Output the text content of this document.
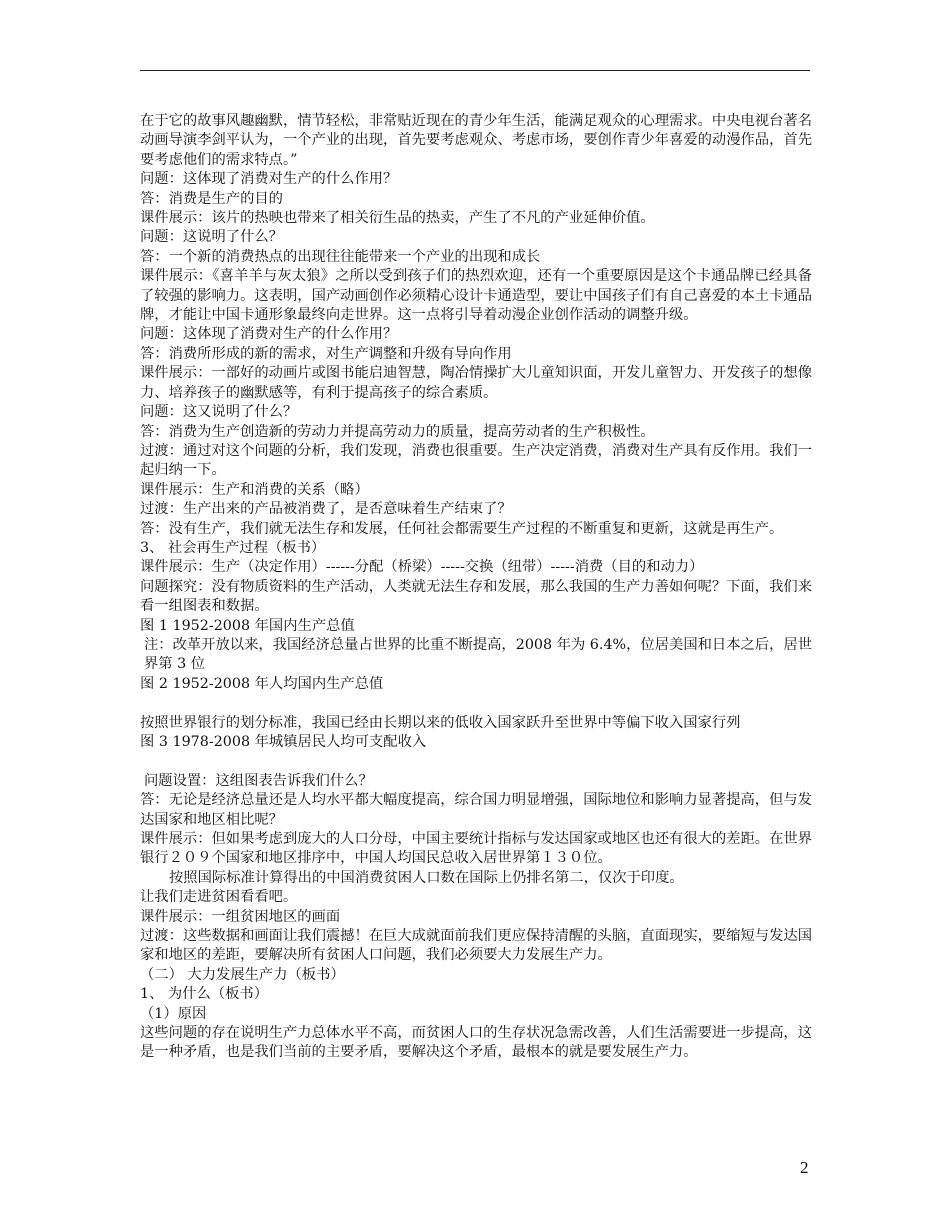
在于它的故事风趣幽默，情节轻松，非常贴近现在的青少年生活，能满足观众的心理需求。中央电视台著名动画导演李剑平认为，一个产业的出现，首先要考虑观众、考虑市场，要创作青少年喜爱的动漫作品，首先要考虑他们的需求特点。”

问题：这体现了消费对生产的什么作用？

答：消费是生产的目的

课件展示：该片的热映也带来了相关衍生品的热卖，产生了不凡的产业延伸价值。

问题：这说明了什么？

答：一个新的消费热点的出现往往能带来一个产业的出现和成长

课件展示：《喜羊羊与灰太狼》之所以受到孩子们的热烈欢迎，还有一个重要原因是这个卡通品牌已经具备了较强的影响力。这表明，国产动画创作必须精心设计卡通造型，要让中国孩子们有自己喜爱的本土卡通品牌，才能让中国卡通形象最终向走世界。这一点将引导着动漫企业创作活动的调整升级。

问题：这体现了消费对生产的什么作用？

答：消费所形成的新的需求，对生产调整和升级有导向作用

课件展示：一部好的动画片或图书能启迪智慧，陶冶情操扩大儿童知识面，开发儿童智力、开发孩子的想像力、培养孩子的幽默感等，有利于提高孩子的综合素质。

问题：这又说明了什么？

答：消费为生产创造新的劳动力并提高劳动力的质量，提高劳动者的生产积极性。

过渡：通过对这个问题的分析，我们发现，消费也很重要。生产决定消费，消费对生产具有反作用。我们一起归纳一下。

课件展示：生产和消费的关系（略）

过渡：生产出来的产品被消费了，是否意味着生产结束了？

答：没有生产，我们就无法生存和发展，任何社会都需要生产过程的不断重复和更新，这就是再生产。

3、 社会再生产过程（板书）

课件展示：生产（决定作用）------分配（桥梁）-----交换（纽带）-----消费（目的和动力）

问题探究：没有物质资料的生产活动，人类就无法生存和发展，那么我国的生产力善如何呢？下面，我们来看一组图表和数据。

图 1 1952-2008 年国内生产总值

注：改革开放以来，我国经济总量占世界的比重不断提高，2008 年为 6.4%，位居美国和日本之后，居世界第 3 位

图 2 1952-2008 年人均国内生产总值

按照世界银行的划分标准，我国已经由长期以来的低收入国家跃升至世界中等偏下收入国家行列

图 3 1978-2008 年城镇居民人均可支配收入

问题设置：这组图表告诉我们什么？

答：无论是经济总量还是人均水平都大幅度提高，综合国力明显增强，国际地位和影响力显著提高，但与发达国家和地区相比呢？

课件展示：但如果考虑到庞大的人口分母，中国主要统计指标与发达国家或地区也还有很大的差距。在世界银行２０９个国家和地区排序中，中国人均国民总收入居世界第１３０位。

按照国际标准计算得出的中国消费贫困人口数在国际上仍排名第二，仅次于印度。

让我们走进贫困看看吧。

课件展示：一组贫困地区的画面

过渡：这些数据和画面让我们震撼！在巨大成就面前我们更应保持清醒的头脑，直面现实，要缩短与发达国家和地区的差距，要解决所有贫困人口问题，我们必须要大力发展生产力。

（二） 大力发展生产力（板书）

1、 为什么（板书）

（1）原因

这些问题的存在说明生产力总体水平不高，而贫困人口的生存状况急需改善，人们生活需要进一步提高，这是一种矛盾，也是我们当前的主要矛盾，要解决这个矛盾，最根本的就是要发展生产力。

2
